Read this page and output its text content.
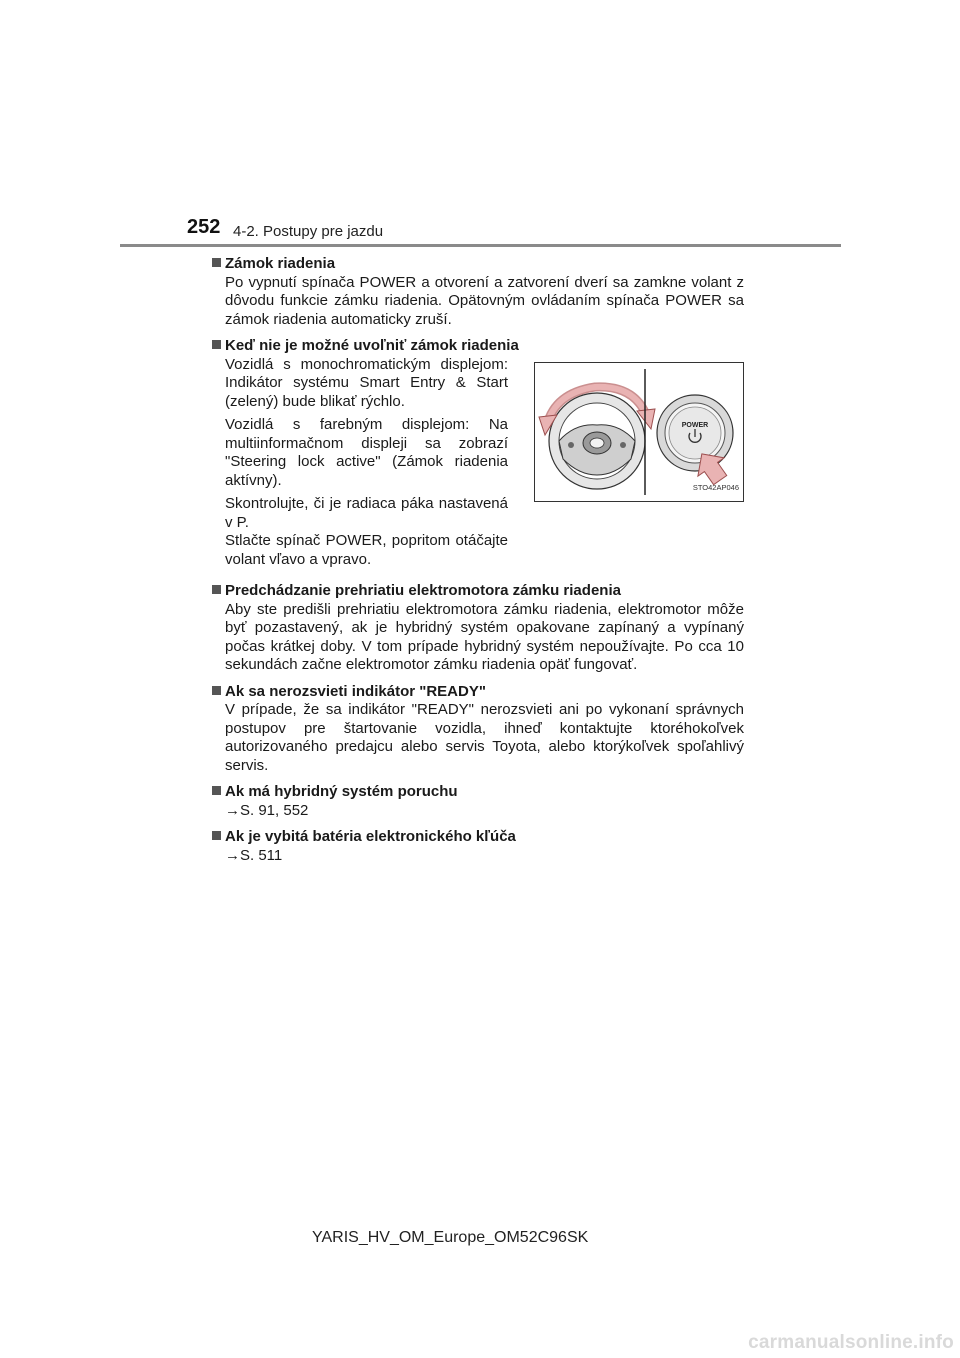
252 4-2. Postupy pre jazdu
Zámok riadenia
Po vypnutí spínača POWER a otvorení a zatvorení dverí sa zamkne volant z dôvodu funkcie zámku riadenia. Opätovným ovládaním spínača POWER sa zámok riadenia automaticky zruší.
Keď nie je možné uvoľniť zámok riadenia

Vozidlá s monochromatickým displejom: Indikátor systému Smart Entry & Start (zelený) bude blikať rýchlo.

Vozidlá s farebným displejom: Na multiinformačnom displeji sa zobrazí "Steering lock active" (Zámok riadenia aktívny).

Skontrolujte, či je radiaca páka nastavená v P.

Stlačte spínač POWER, popritom otáčajte volant vľavo a vpravo.

POWER
STO42AP046
Predchádzanie prehriatiu elektromotora zámku riadenia
Aby ste predišli prehriatiu elektromotora zámku riadenia, elektromotor môže byť pozastavený, ak je hybridný systém opakovane zapínaný a vypínaný počas krátkej doby. V tom prípade hybridný systém nepoužívajte. Po cca 10 sekundách začne elektromotor zámku riadenia opäť fungovať.
Ak sa nerozsvieti indikátor "READY"
V prípade, že sa indikátor "READY" nerozsvieti ani po vykonaní správnych postupov pre štartovanie vozidla, ihneď kontaktujte ktoréhokoľvek autorizovaného predajcu alebo servis Toyota, alebo ktorýkoľvek spoľahlivý servis.
Ak má hybridný systém poruchu
→S. 91, 552
Ak je vybitá batéria elektronického kľúča
→S. 511
YARIS_HV_OM_Europe_OM52C96SK
carmanualsonline.info
